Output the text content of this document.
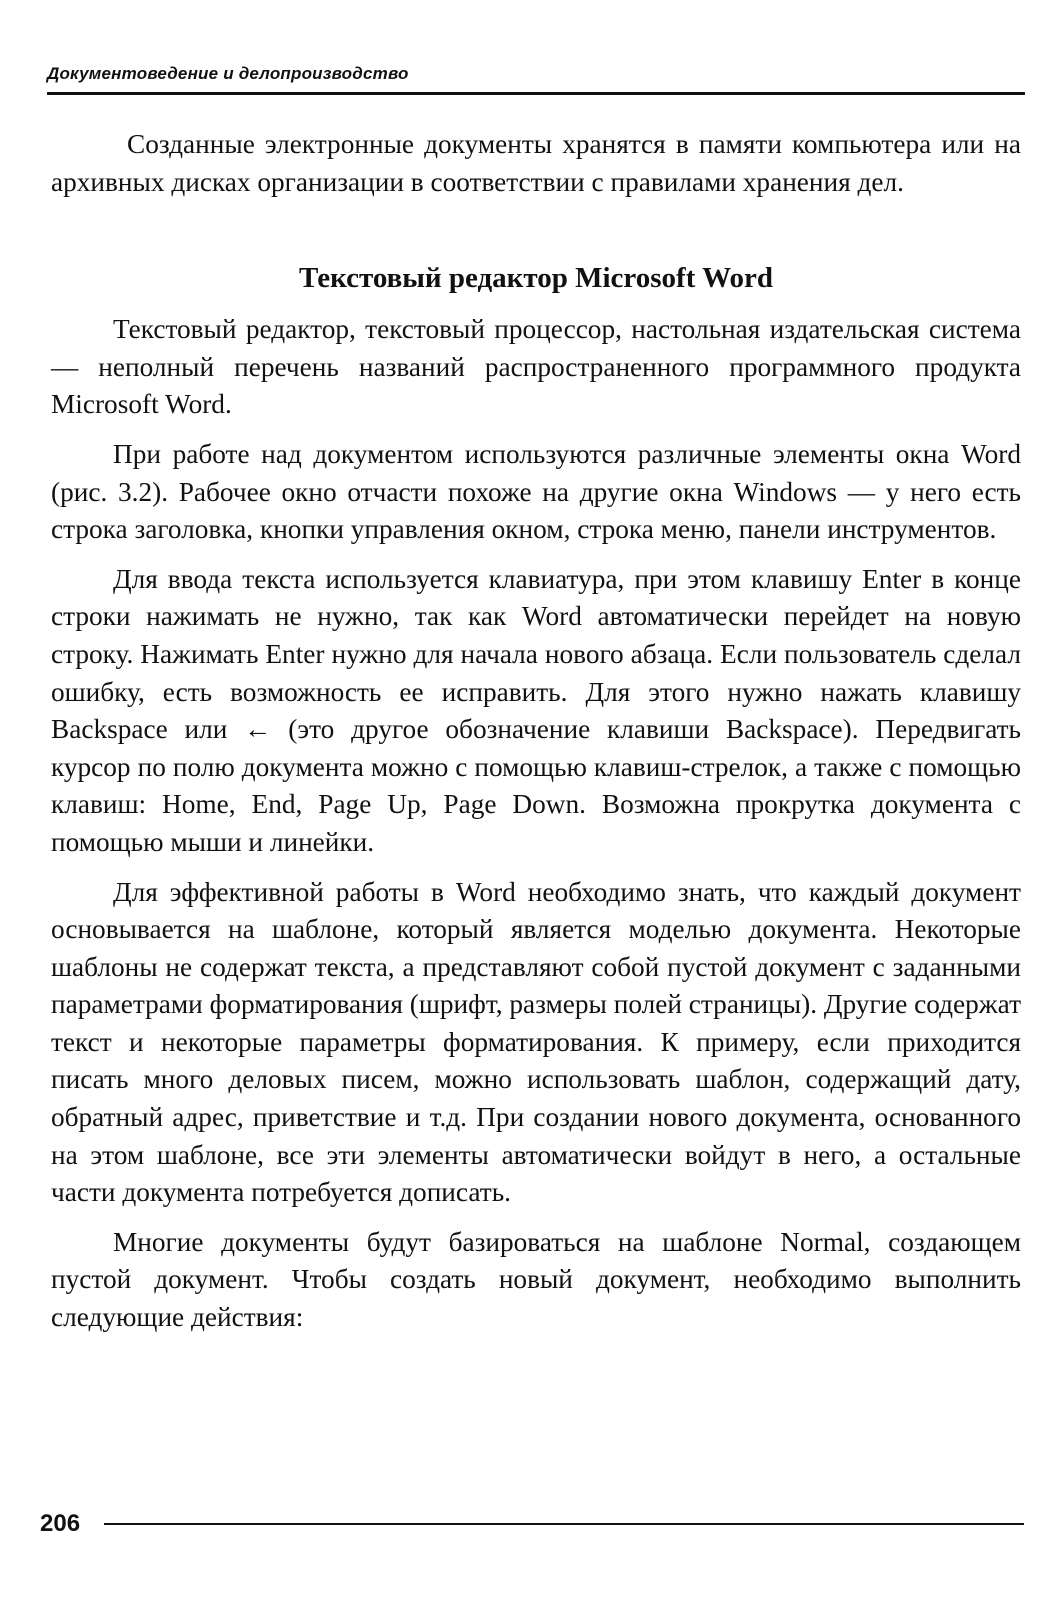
Документоведение и делопроизводство

Созданные электронные документы хранятся в памяти компьютера или на архивных дисках организации в соответствии с правилами хранения дел.

Текстовый редактор Microsoft Word

Текстовый редактор, текстовый процессор, настольная издательская система — неполный перечень названий распространенного программного продукта Microsoft Word.

При работе над документом используются различные элементы окна Word (рис. 3.2). Рабочее окно отчасти похоже на другие окна Windows — у него есть строка заголовка, кнопки управления окном, строка меню, панели инструментов.

Для ввода текста используется клавиатура, при этом клавишу Enter в конце строки нажимать не нужно, так как Word автоматически перейдет на новую строку. Нажимать Enter нужно для начала нового абзаца. Если пользователь сделал ошибку, есть возможность ее исправить. Для этого нужно нажать клавишу Backspace или ← (это другое обозначение клавиши Backspace). Передвигать курсор по полю документа можно с помощью клавиш-стрелок, а также с помощью клавиш: Home, End, Page Up, Page Down. Возможна прокрутка документа с помощью мыши и линейки.

Для эффективной работы в Word необходимо знать, что каждый документ основывается на шаблоне, который является моделью документа. Некоторые шаблоны не содержат текста, а представляют собой пустой документ с заданными параметрами форматирования (шрифт, размеры полей страницы). Другие содержат текст и некоторые параметры форматирования. К примеру, если приходится писать много деловых писем, можно использовать шаблон, содержащий дату, обратный адрес, приветствие и т.д. При создании нового документа, основанного на этом шаблоне, все эти элементы автоматически войдут в него, а остальные части документа потребуется дописать.

Многие документы будут базироваться на шаблоне Normal, создающем пустой документ. Чтобы создать новый документ, необходимо выполнить следующие действия:

206
